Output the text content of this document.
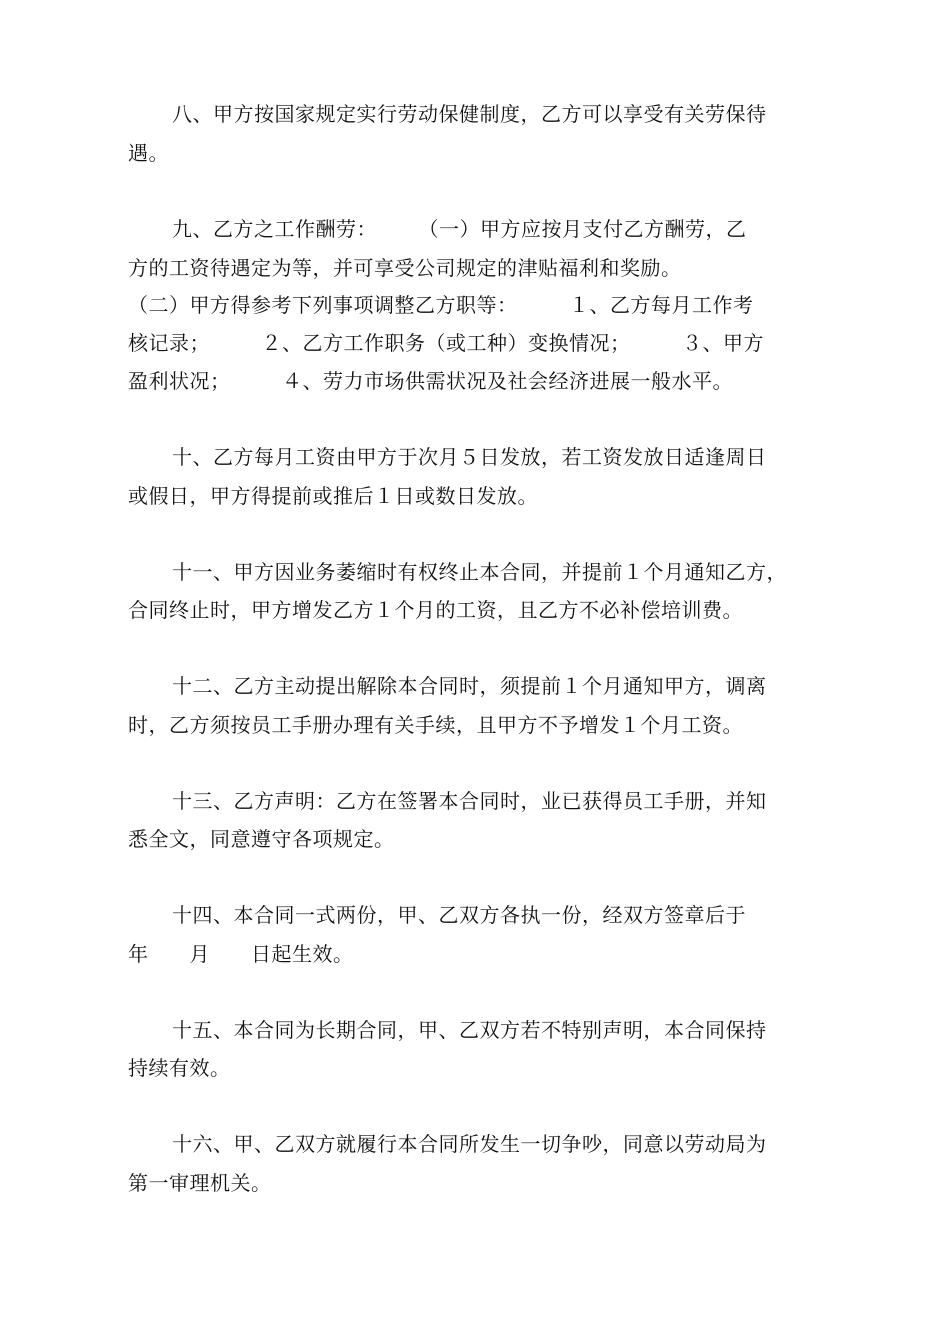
八、甲方按国家规定实行劳动保健制度，乙方可以享受有关劳保待
遇。
九、乙方之工作酬劳：　　　（一）甲方应按月支付乙方酬劳，乙
方的工资待遇定为等，并可享受公司规定的津贴福利和奖励。
（二）甲方得参考下列事项调整乙方职等：　　　１、乙方每月工作考
核记录；　　　２、乙方工作职务（或工种）变换情况；　　　３、甲方
盈利状况；　　　４、劳力市场供需状况及社会经济进展一般水平。
十、乙方每月工资由甲方于次月５日发放，若工资发放日适逢周日
或假日，甲方得提前或推后１日或数日发放。
十一、甲方因业务萎缩时有权终止本合同，并提前１个月通知乙方，
合同终止时，甲方增发乙方１个月的工资，且乙方不必补偿培训费。
十二、乙方主动提出解除本合同时，须提前１个月通知甲方，调离
时，乙方须按员工手册办理有关手续，且甲方不予增发１个月工资。
十三、乙方声明：乙方在签署本合同时，业已获得员工手册，并知
悉全文，同意遵守各项规定。
十四、本合同一式两份，甲、乙双方各执一份，经双方签章后于
年　　月　　日起生效。
十五、本合同为长期合同，甲、乙双方若不特别声明，本合同保持
持续有效。
十六、甲、乙双方就履行本合同所发生一切争吵，同意以劳动局为
第一审理机关。
